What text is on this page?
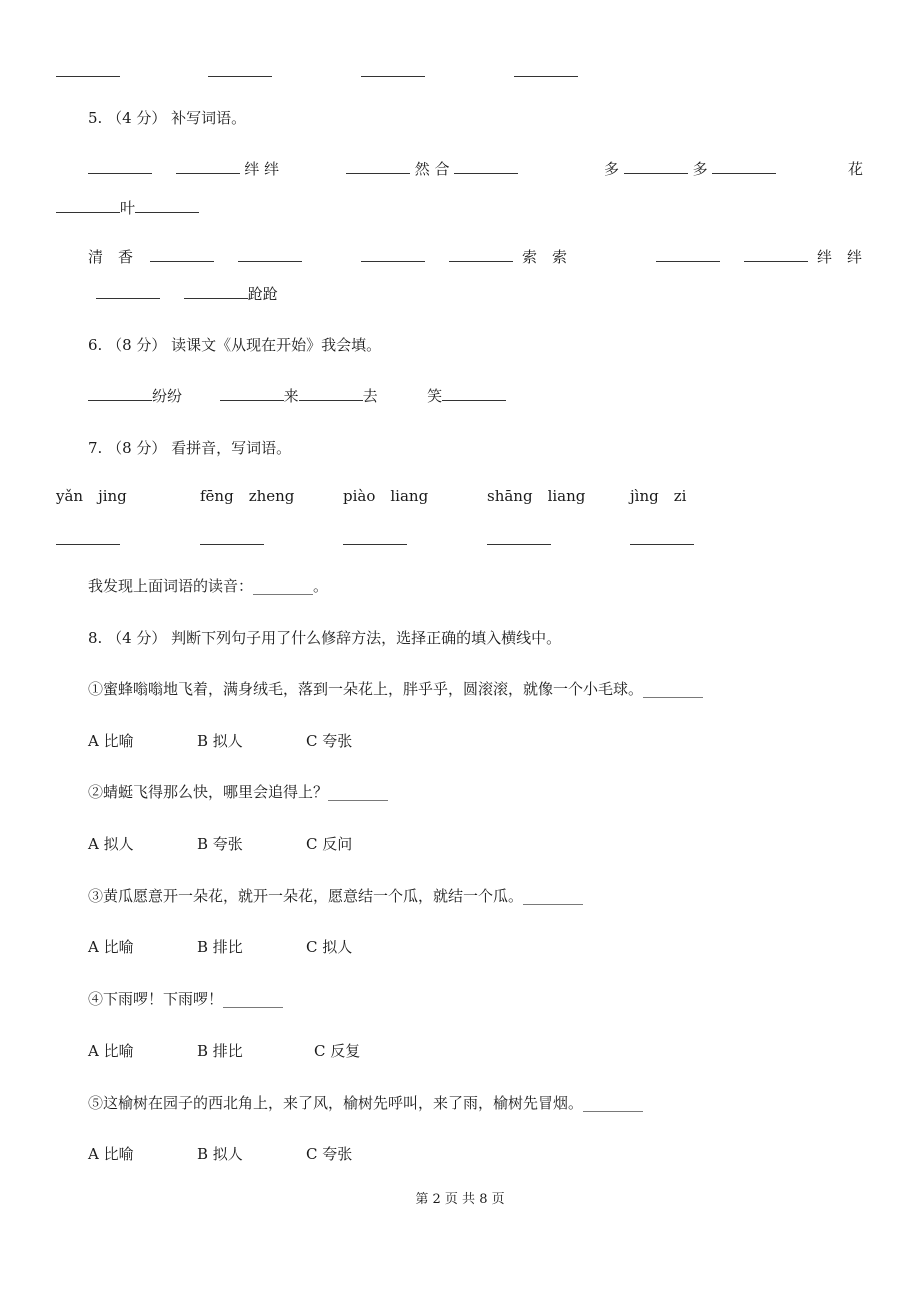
5. （4 分） 补写词语。
绊 绊	然 合	多	多	花
叶
清　香

	索　索
	绊　绊
跄跄
6. （8 分） 读课文《从现在开始》我会填。
纷纷	来	去	笑
7. （8 分） 看拼音，写词语。
yǎn　jing	fēng　zheng	piào　liang	shāng　liang	jìng　zi
我发现上面词语的读音：________。
8. （4 分） 判断下列句子用了什么修辞方法，选择正确的填入横线中。
①蜜蜂嗡嗡地飞着，满身绒毛，落到一朵花上，胖乎乎，圆滚滚，就像一个小毛球。________
A 比喻	B 拟人	C 夸张
②蜻蜓飞得那么快，哪里会追得上？________
A 拟人	B 夸张	C 反问
③黄瓜愿意开一朵花，就开一朵花，愿意结一个瓜，就结一个瓜。________
A 比喻	B 排比	C 拟人
④下雨啰！下雨啰！________
A 比喻	B 排比	C 反复
⑤这榆树在园子的西北角上，来了风，榆树先呼叫，来了雨，榆树先冒烟。________
A 比喻	B 拟人	C 夸张
第 2 页 共 8 页
